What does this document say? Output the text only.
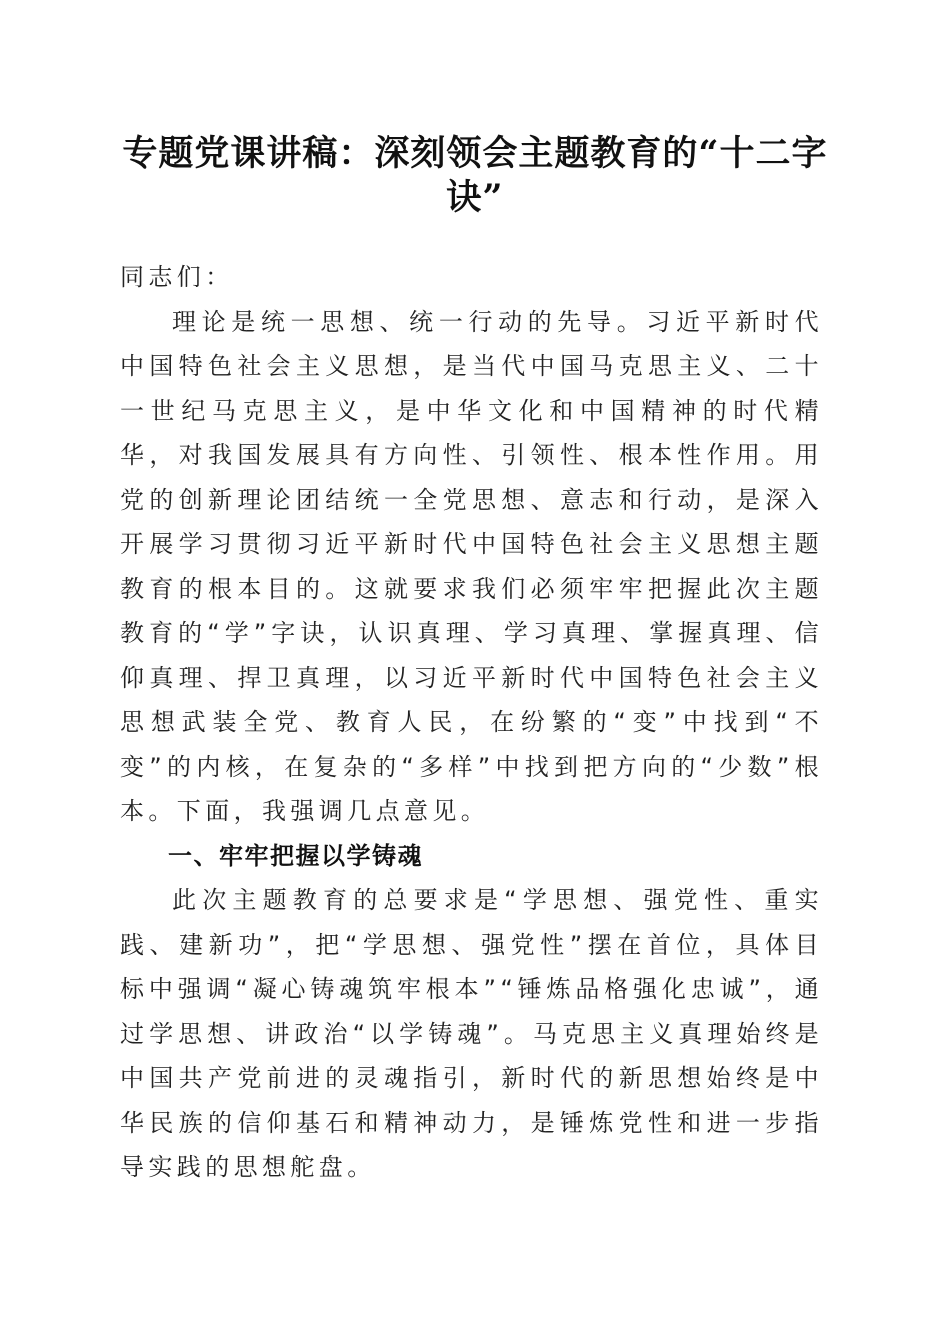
专题党课讲稿：深刻领会主题教育的“十二字诀”

同志们：

理论是统一思想、统一行动的先导。习近平新时代中国特色社会主义思想，是当代中国马克思主义、二十一世纪马克思主义，是中华文化和中国精神的时代精华，对我国发展具有方向性、引领性、根本性作用。用党的创新理论团结统一全党思想、意志和行动，是深入开展学习贯彻习近平新时代中国特色社会主义思想主题教育的根本目的。这就要求我们必须牢牢把握此次主题教育的“学”字诀，认识真理、学习真理、掌握真理、信仰真理、捍卫真理，以习近平新时代中国特色社会主义思想武装全党、教育人民，在纷繁的“变”中找到“不变”的内核，在复杂的“多样”中找到把方向的“少数”根本。下面，我强调几点意见。

一、牢牢把握以学铸魂

此次主题教育的总要求是“学思想、强党性、重实践、建新功”，把“学思想、强党性”摆在首位，具体目标中强调“凝心铸魂筑牢根本”“锤炼品格强化忠诚”，通过学思想、讲政治“以学铸魂”。马克思主义真理始终是中国共产党前进的灵魂指引，新时代的新思想始终是中华民族的信仰基石和精神动力，是锤炼党性和进一步指导实践的思想舵盘。
